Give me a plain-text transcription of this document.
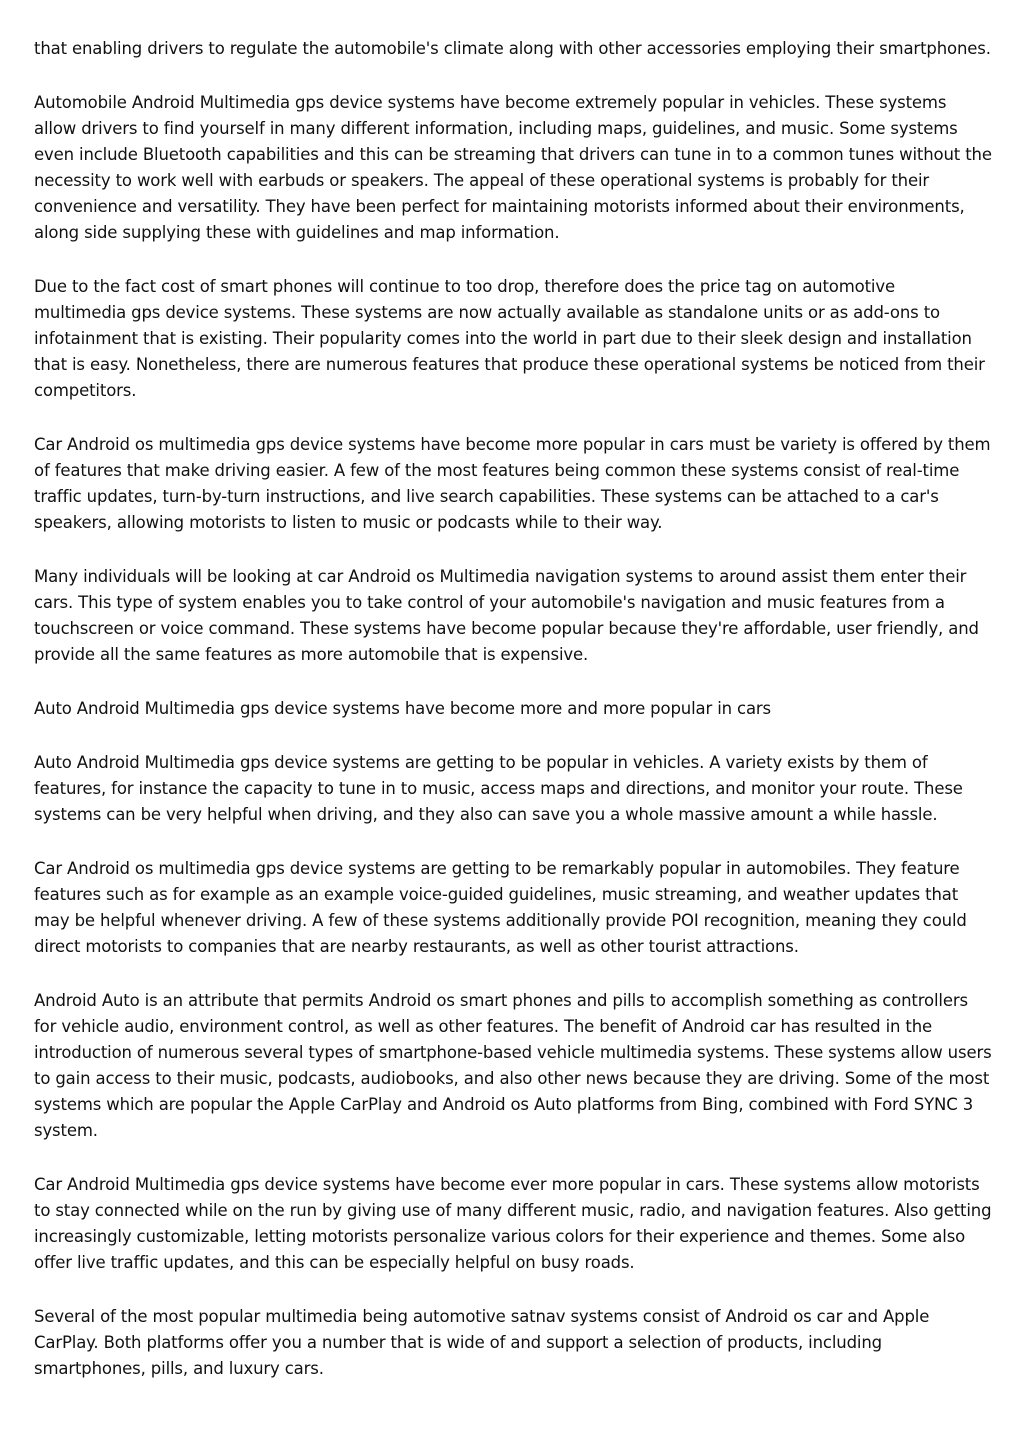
that enabling drivers to regulate the automobile's climate along with other accessories employing their smartphones.

Automobile Android Multimedia gps device systems have become extremely popular in vehicles. These systems allow drivers to find yourself in many different information, including maps, guidelines, and music. Some systems even include Bluetooth capabilities and this can be streaming that drivers can tune in to a common tunes without the necessity to work well with earbuds or speakers. The appeal of these operational systems is probably for their convenience and versatility. They have been perfect for maintaining motorists informed about their environments, along side supplying these with guidelines and map information.

Due to the fact cost of smart phones will continue to too drop, therefore does the price tag on automotive multimedia gps device systems. These systems are now actually available as standalone units or as add-ons to infotainment that is existing. Their popularity comes into the world in part due to their sleek design and installation that is easy. Nonetheless, there are numerous features that produce these operational systems be noticed from their competitors.

Car Android os multimedia gps device systems have become more popular in cars must be variety is offered by them of features that make driving easier. A few of the most features being common these systems consist of real-time traffic updates, turn-by-turn instructions, and live search capabilities. These systems can be attached to a car's speakers, allowing motorists to listen to music or podcasts while to their way.

Many individuals will be looking at car Android os Multimedia navigation systems to around assist them enter their cars. This type of system enables you to take control of your automobile's navigation and music features from a touchscreen or voice command. These systems have become popular because they're affordable, user friendly, and provide all the same features as more automobile that is expensive.

Auto Android Multimedia gps device systems have become more and more popular in cars

Auto Android Multimedia gps device systems are getting to be popular in vehicles. A variety exists by them of features, for instance the capacity to tune in to music, access maps and directions, and monitor your route. These systems can be very helpful when driving, and they also can save you a whole massive amount a while hassle.

Car Android os multimedia gps device systems are getting to be remarkably popular in automobiles. They feature features such as for example as an example voice-guided guidelines, music streaming, and weather updates that may be helpful whenever driving. A few of these systems additionally provide POI recognition, meaning they could direct motorists to companies that are nearby restaurants, as well as other tourist attractions.

Android Auto is an attribute that permits Android os smart phones and pills to accomplish something as controllers for vehicle audio, environment control, as well as other features. The benefit of Android car has resulted in the introduction of numerous several types of smartphone-based vehicle multimedia systems. These systems allow users to gain access to their music, podcasts, audiobooks, and also other news because they are driving. Some of the most systems which are popular the Apple CarPlay and Android os Auto platforms from Bing, combined with Ford SYNC 3 system.

Car Android Multimedia gps device systems have become ever more popular in cars. These systems allow motorists to stay connected while on the run by giving use of many different music, radio, and navigation features. Also getting increasingly customizable, letting motorists personalize various colors for their experience and themes. Some also offer live traffic updates, and this can be especially helpful on busy roads.

Several of the most popular multimedia being automotive satnav systems consist of Android os car and Apple CarPlay. Both platforms offer you a number that is wide of and support a selection of products, including smartphones, pills, and luxury cars.
